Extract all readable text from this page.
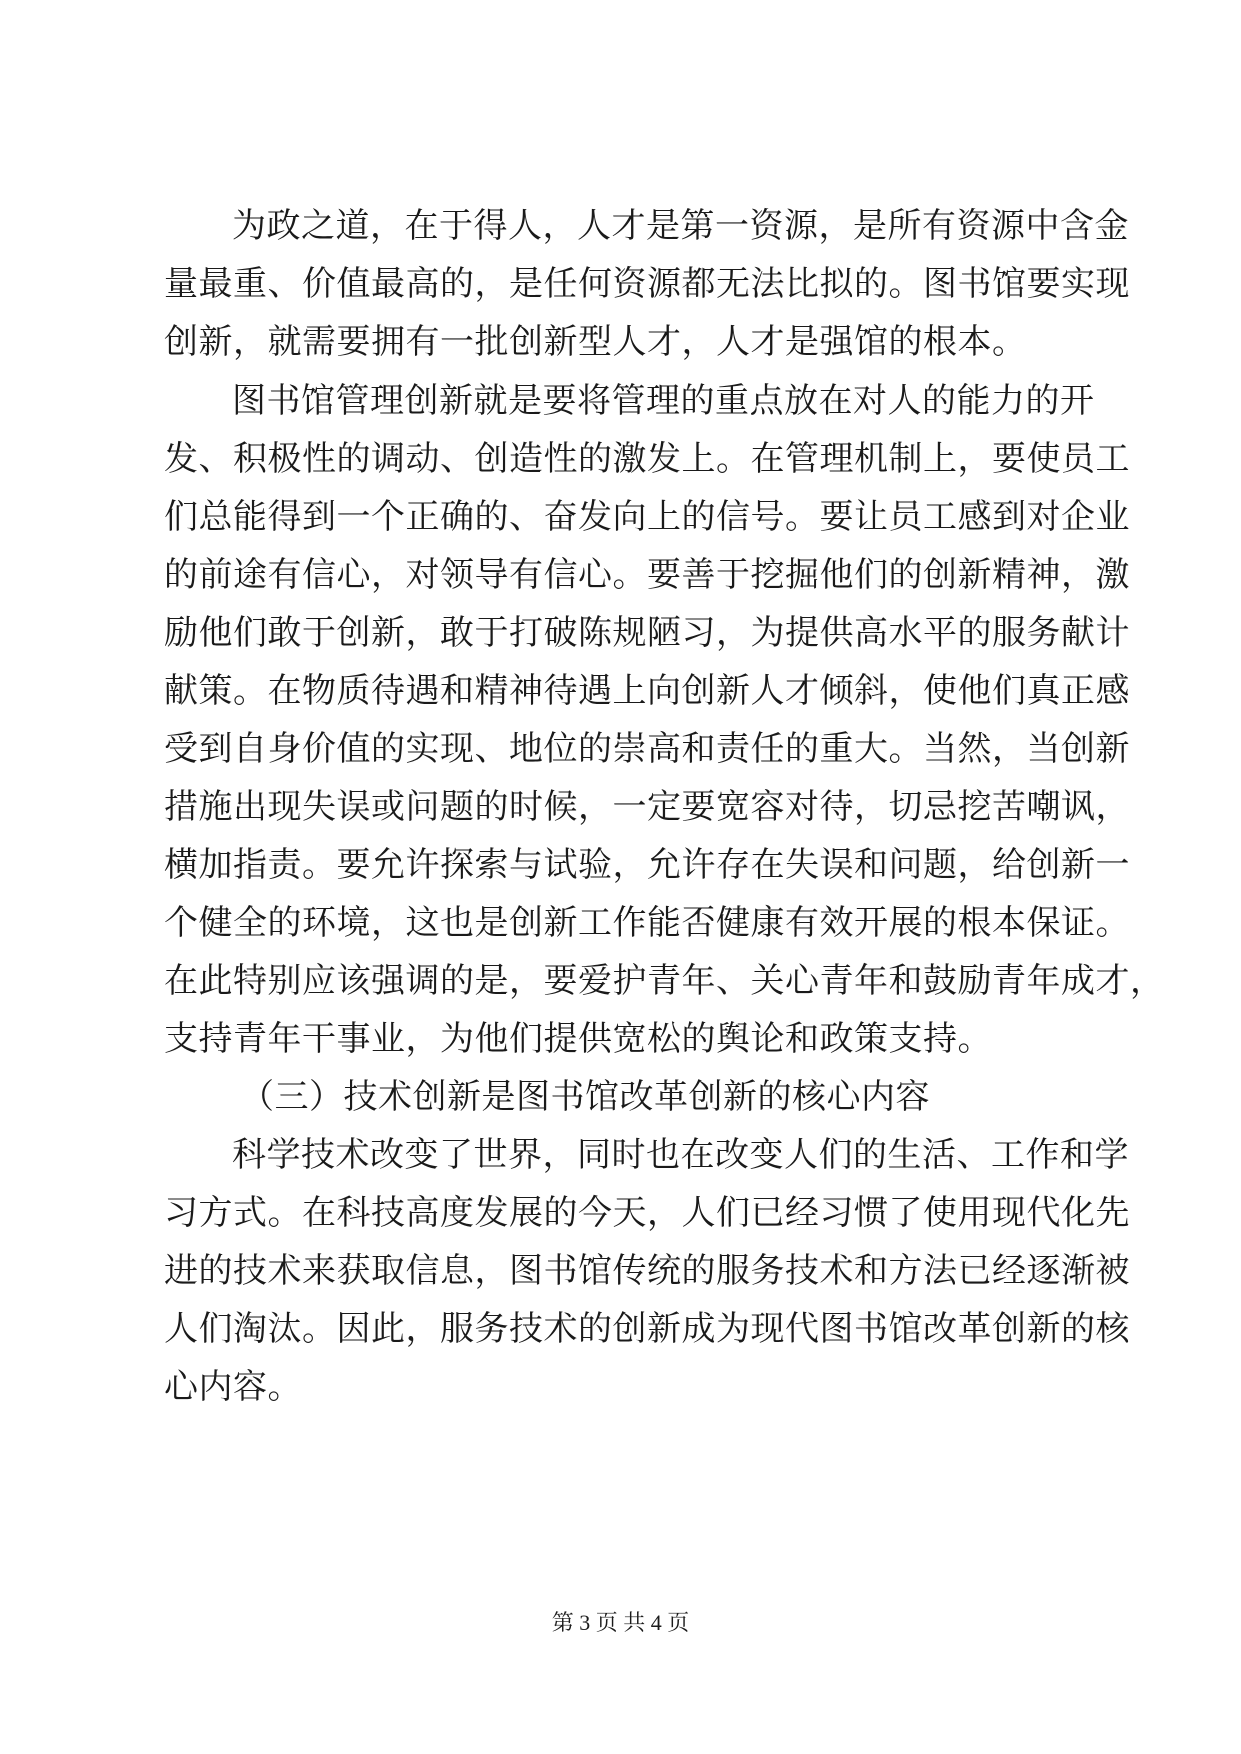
为政之道，在于得人，人才是第一资源，是所有资源中含金
量最重、价值最高的，是任何资源都无法比拟的。图书馆要实现
创新，就需要拥有一批创新型人才，人才是强馆的根本。
图书馆管理创新就是要将管理的重点放在对人的能力的开
发、积极性的调动、创造性的激发上。在管理机制上，要使员工
们总能得到一个正确的、奋发向上的信号。要让员工感到对企业
的前途有信心，对领导有信心。要善于挖掘他们的创新精神，激
励他们敢于创新，敢于打破陈规陋习，为提供高水平的服务献计
献策。在物质待遇和精神待遇上向创新人才倾斜，使他们真正感
受到自身价值的实现、地位的崇高和责任的重大。当然，当创新
措施出现失误或问题的时候，一定要宽容对待，切忌挖苦嘲讽，
横加指责。要允许探索与试验，允许存在失误和问题，给创新一
个健全的环境，这也是创新工作能否健康有效开展的根本保证。
在此特别应该强调的是，要爱护青年、关心青年和鼓励青年成才，
支持青年干事业，为他们提供宽松的舆论和政策支持。
（三）技术创新是图书馆改革创新的核心内容
科学技术改变了世界，同时也在改变人们的生活、工作和学
习方式。在科技高度发展的今天，人们已经习惯了使用现代化先
进的技术来获取信息，图书馆传统的服务技术和方法已经逐渐被
人们淘汰。因此，服务技术的创新成为现代图书馆改革创新的核
心内容。
第 3 页 共 4 页
